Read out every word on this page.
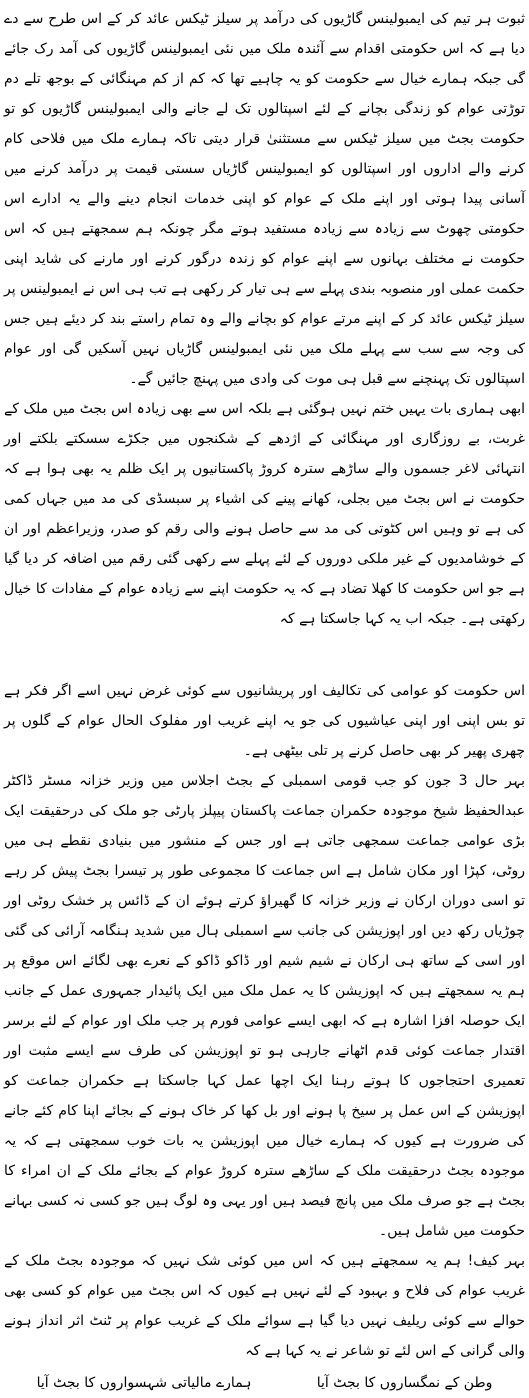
ثبوت ہر تیم کی ایمبولینس گاڑیوں کی درآمد پر سیلز ٹیکس عائد کر کے اس طرح سے دے دیا ہے کہ اس حکومتی اقدام سے آئندہ ملک میں نئی ایمبولینس گاڑیوں کی آمد رک جائے گی جبکہ ہمارے خیال سے حکومت کو یہ چاہیے تھا کہ کم از کم مہنگائی کے بوجھ تلے دم توڑتی عوام کو زندگی بچانے کے لئے اسپتالوں تک لے جانے والی ایمبولینس گاڑیوں کو تو حکومت بجٹ میں سیلز ٹیکس سے مستثنیٰ قرار دیتی تاکہ ہمارے ملک میں فلاحی کام کرنے والے اداروں اور اسپتالوں کو ایمبولینس گاڑیاں سستی قیمت پر درآمد کرنے میں آسانی پیدا ہوتی اور اپنے ملک کے عوام کو اپنی خدمات انجام دینے والے یہ ادارے اس حکومتی چھوٹ سے زیادہ سے زیادہ مستفید ہوتے مگر چونکہ ہم سمجھتے ہیں کہ اس حکومت نے مختلف بہانوں سے اپنے عوام کو زندہ درگور کرنے اور مارنے کی شاید اپنی حکمت عملی اور منصوبہ بندی پہلے سے ہی تیار کر رکھی ہے تب ہی اس نے ایمبولینس پر سیلز ٹیکس عائد کر کے اپنے مرتے عوام کو بچانے والے وہ تمام راستے بند کر دیئے ہیں جس کی وجہ سے سب سے پہلے ملک میں نئی ایمبولینس گاڑیاں نہیں آسکیں گی اور عوام اسپتالوں تک پہنچنے سے قبل ہی موت کی وادی میں پہنچ جائیں گے۔

ابھی ہماری بات یہیں ختم نہیں ہوگئی ہے بلکہ اس سے بھی زیادہ اس بجٹ میں ملک کے غربت، بے روزگاری اور مہنگائی کے اژدھے کے شکنجوں میں جکڑے سسکتے بلکتے اور انتہائی لاغر جسموں والے ساڑھے سترہ کروڑ پاکستانیوں پر ایک ظلم یہ بھی ہوا ہے کہ حکومت نے اس بجٹ میں بجلی، کھانے پینے کی اشیاء پر سبسڈی کی مد میں جہاں کمی کی ہے تو وہیں اس کٹوتی کی مد سے حاصل ہونے والی رقم کو صدر، وزیراعظم اور ان کے خوشامدیوں کے غیر ملکی دوروں کے لئے پہلے سے رکھی گئی رقم میں اضافہ کر دیا گیا ہے جو اس حکومت کا کھلا تضاد ہے کہ یہ حکومت اپنے سے زیادہ عوام کے مفادات کا خیال رکھتی ہے۔ جبکہ اب یہ کہا جاسکتا ہے کہ

اس حکومت کو عوامی کی تکالیف اور پریشانیوں سے کوئی غرض نہیں اسے اگر فکر ہے تو بس اپنی اور اپنی عیاشیوں کی جو یہ اپنے غریب اور مفلوک الحال عوام کے گلوں پر چھری پھیر کر بھی حاصل کرنے پر تلی بیٹھی ہے۔

بہر حال 3 جون کو جب قومی اسمبلی کے بجٹ اجلاس میں وزیر خزانہ مسٹر ڈاکٹر عبدالحفیظ شیخ موجودہ حکمران جماعت پاکستان پیپلز پارٹی جو ملک کی درحقیقت ایک بڑی عوامی جماعت سمجھی جاتی ہے اور جس کے منشور میں بنیادی نقطے ہی میں روٹی، کپڑا اور مکان شامل ہے اس جماعت کا مجموعی طور پر تیسرا بجٹ پیش کر رہے تو اسی دوران ارکان نے وزیر خزانہ کا گھیراؤ کرتے ہوئے ان کے ڈائس پر خشک روٹی اور چوڑیاں رکھ دیں اور اپوزیشن کی جانب سے اسمبلی ہال میں شدید ہنگامہ آرائی کی گئی اور اسی کے ساتھ ہی ارکان نے شیم شیم اور ڈاکو ڈاکو کے نعرے بھی لگائے اس موقع پر ہم یہ سمجھتے ہیں کہ اپوزیشن کا یہ عمل ملک میں ایک پائیدار جمہوری عمل کے جانب ایک حوصلہ افزا اشارہ ہے کہ ابھی ایسے عوامی فورم پر جب ملک اور عوام کے لئے برسر اقتدار جماعت کوئی قدم اٹھانے جارہی ہو تو اپوزیشن کی طرف سے ایسے مثبت اور تعمیری احتجاجوں کا ہوتے رہنا ایک اچھا عمل کہا جاسکتا ہے حکمران جماعت کو اپوزیشن کے اس عمل پر سیخ پا ہونے اور بل کھا کر خاک ہونے کے بجائے اپنا کام کئے جانے کی ضرورت ہے کیوں کہ ہمارے خیال میں اپوزیشن یہ بات خوب سمجھتی ہے کہ یہ موجودہ بجٹ درحقیقت ملک کے ساڑھے سترہ کروڑ عوام کے بجائے ملک کے ان امراء کا بجٹ ہے جو صرف ملک میں پانچ فیصد ہیں اور یہی وہ لوگ ہیں جو کسی نہ کسی بہانے حکومت میں شامل ہیں۔

بہر کیف! ہم یہ سمجھتے ہیں کہ اس میں کوئی شک نہیں کہ موجودہ بجٹ ملک کے غریب عوام کی فلاح و بہبود کے لئے نہیں ہے کیوں کہ اس بجٹ میں عوام کو کسی بھی حوالے سے کوئی ریلیف نہیں دیا گیا ہے سوائے ملک کے غریب عوام پر ٹنٹ اثر انداز ہونے والی گرانی کے اس لئے تو شاعر نے یہ کہا ہے کہ

وطن کے نمگساروں کا بجٹ آیا
ہمارے مالیاتی شہسواروں کا بجٹ آیا
